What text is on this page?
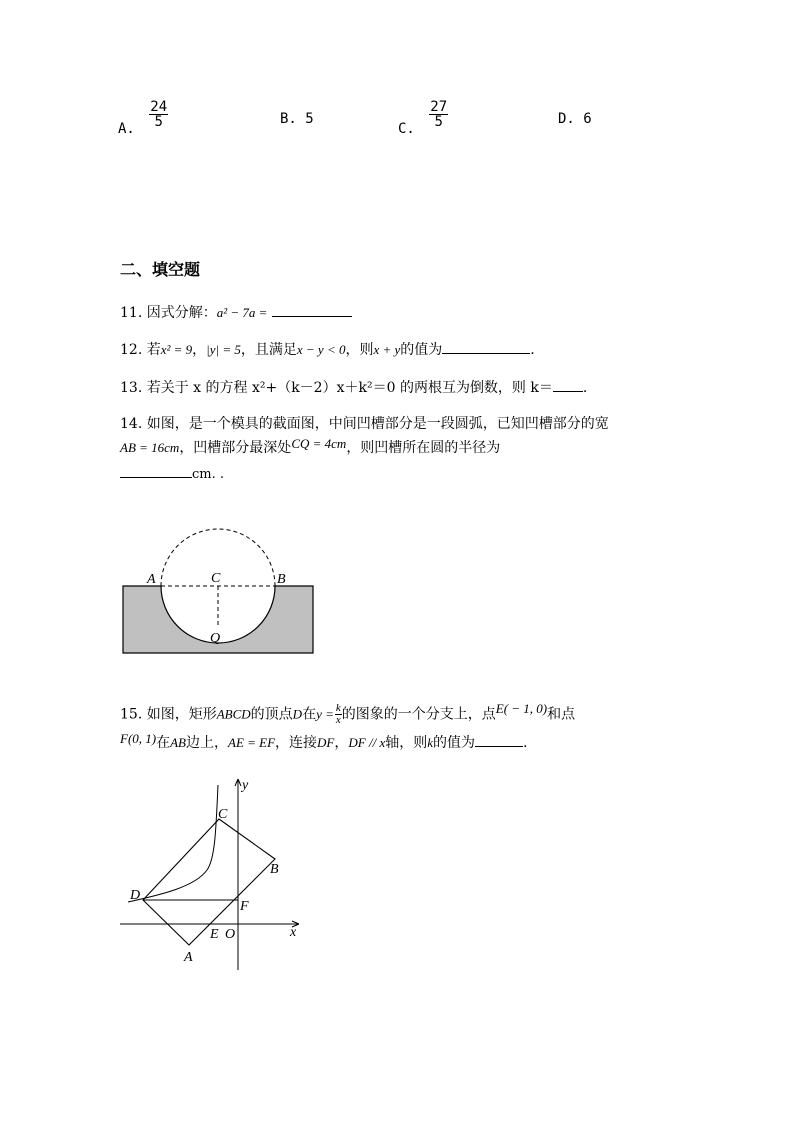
A. $\frac{24}{5}$	B. 5
C. $\frac{27}{5}$	D. 6
二、填空题
11. 因式分解：a² − 7a =
12. 若x² = 9，|y| = 5，且满足x − y < 0，则x + y的值为	.
13. 若关于 x 的方程 x²+（k－2）x＋k²＝0 的两根互为倒数，则 k＝ .
14. 如图，是一个模具的截面图，中间凹槽部分是一段圆弧，已知凹槽部分的宽
AB = 16cm，凹槽部分最深处CQ = 4cm，则凹槽所在圆的半径为
cm. .
A	C	B
Q
15. 如图，矩形ABCD的顶点D在$y = \frac{k}{x}$ 的图象的一个分支上，点E( − 1, 0)和点
F(0, 1)在AB边上，AE = EF，连接DF，DF // x轴，则k的值为	.
y
x
C
B
D
F
E O
A
